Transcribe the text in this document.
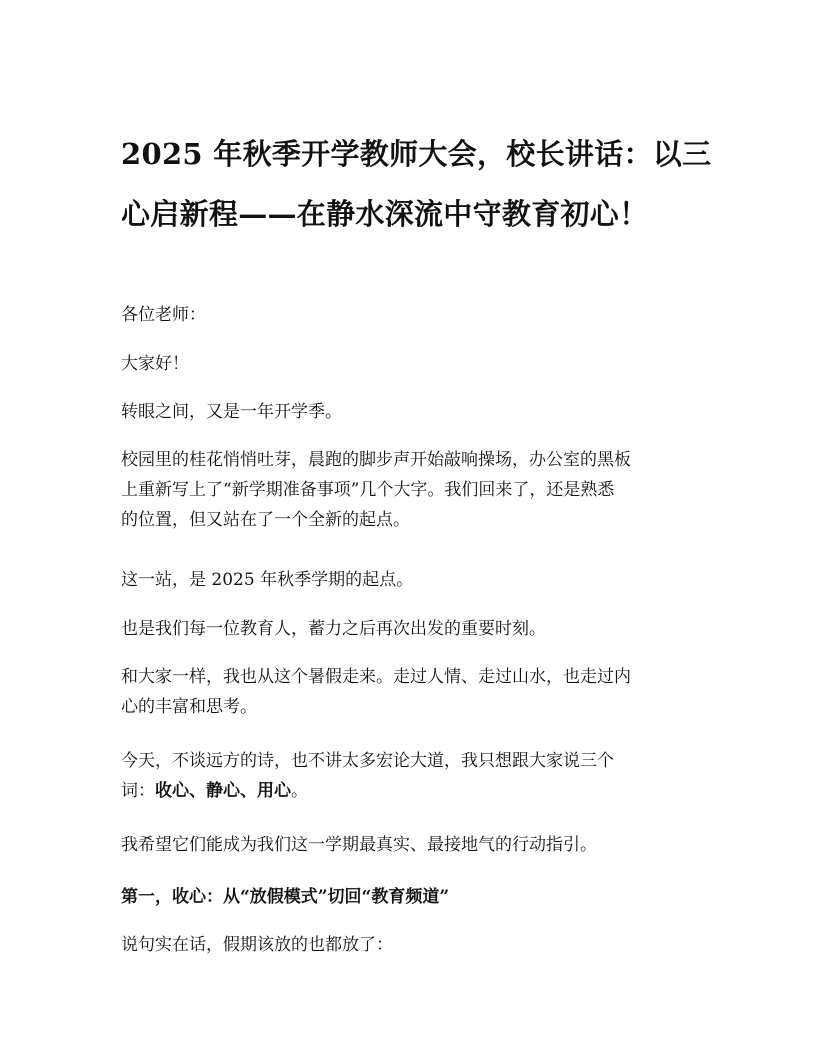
2025 年秋季开学教师大会，校长讲话：以三
心启新程——在静水深流中守教育初心！

各位老师：

大家好！

转眼之间，又是一年开学季。

校园里的桂花悄悄吐芽，晨跑的脚步声开始敲响操场，办公室的黑板
上重新写上了“新学期准备事项”几个大字。我们回来了，还是熟悉
的位置，但又站在了一个全新的起点。

这一站，是 2025 年秋季学期的起点。

也是我们每一位教育人，蓄力之后再次出发的重要时刻。

和大家一样，我也从这个暑假走来。走过人情、走过山水，也走过内
心的丰富和思考。

今天，不谈远方的诗，也不讲太多宏论大道，我只想跟大家说三个
词：收心、静心、用心。

我希望它们能成为我们这一学期最真实、最接地气的行动指引。

第一，收心：从“放假模式”切回“教育频道”

说句实在话，假期该放的也都放了：
